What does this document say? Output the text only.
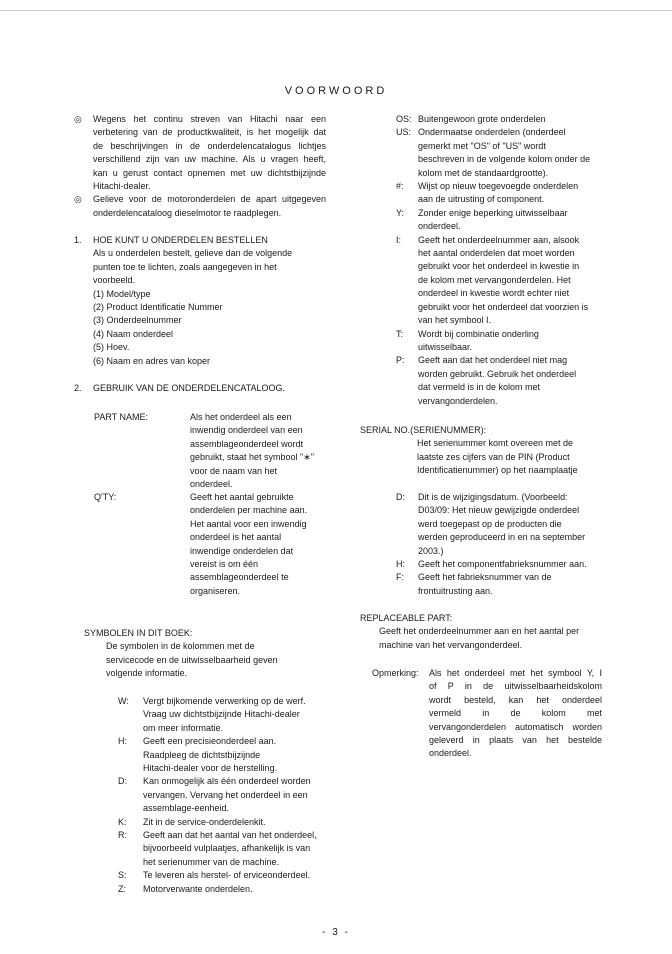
VOORWOORD
◎ Wegens het continu streven van Hitachi naar een
verbetering van de productkwaliteit, is het mogelijk dat
de beschrijvingen in de onderdelencatalogus lichtjes
verschillend zijn van uw machine. Als u vragen heeft,
kan u gerust contact opnemen met uw dichtstbijzijnde
Hitachi-dealer.
◎ Gelieve voor de motoronderdelen de apart uitgegeven
onderdelencataloog dieselmotor te raadplegen.
1. HOE KUNT U ONDERDELEN BESTELLEN
Als u onderdelen bestelt, gelieve dan de volgende
punten toe te lichten, zoals aangegeven in het
voorbeeld.
(1) Model/type
(2) Product Identificatie Nummer
(3) Onderdeelnummer
(4) Naam onderdeel
(5) Hoev.
(6) Naam en adres van koper
2. GEBRUIK VAN DE ONDERDELENCATALOOG.
PART NAME:	Als het onderdeel als een
inwendig onderdeel van een
assemblageonderdeel wordt
gebruikt, staat het symbool "∗"
voor de naam van het
onderdeel.
Q'TY:	Geeft het aantal gebruikte
onderdelen per machine aan.
Het aantal voor een inwendig
onderdeel is het aantal
inwendige onderdelen dat
vereist is om één
assemblageonderdeel te
organiseren.
SYMBOLEN IN DIT BOEK:
De symbolen in de kolommen met de
servicecode en de uitwisselbaarheid geven
volgende informatie.
W: Vergt bijkomende verwerking op de werf.
Vraag uw dichtstbijzijnde Hitachi-dealer
om meer informatie.
H: Geeft een precisieonderdeel aan.
Raadpleeg de dichtstbijzijnde
Hitachi-dealer voor de herstelling.
D: Kan onmogelijk als één onderdeel worden
vervangen. Vervang het onderdeel in een
assemblage-eenheid.
K: Zit in de service-onderdelenkit.
R: Geeft aan dat het aantal van het onderdeel,
bijvoorbeeld vulplaatjes, afhankelijk is van
het serienummer van de machine.
S: Te leveren als herstel- of erviceonderdeel.
Z: Motorverwante onderdelen.
OS: Buitengewoon grote onderdelen
US: Ondermaatse onderdelen (onderdeel
gemerkt met "OS" of "US" wordt
beschreven in de volgende kolom onder de
kolom met de standaardgrootte).
#: Wijst op nieuw toegevoegde onderdelen
aan de uitrusting of component.
Y: Zonder enige beperking uitwisselbaar
onderdeel.
I: Geeft het onderdeelnummer aan, alsook
het aantal onderdelen dat moet worden
gebruikt voor het onderdeel in kwestie in
de kolom met vervangonderdelen. Het
onderdeel in kwestie wordt echter niet
gebruikt voor het onderdeel dat voorzien is
van het symbool I.
T: Wordt bij combinatie onderling
uitwisselbaar.
P: Geeft aan dat het onderdeel niet mag
worden gebruikt. Gebruik het onderdeel
dat vermeld is in de kolom met
vervangonderdelen.
SERIAL NO.(SERIENUMMER):
Het serienummer komt overeen met de
laatste zes cijfers van de PIN (Product
Identificatienummer) op het naamplaatje
D: Dit is de wijzigingsdatum. (Voorbeeld:
D03/09: Het nieuw gewijzigde onderdeel
werd toegepast op de producten die
werden geproduceerd in en na september
2003.)
H: Geeft het componentfabrieksnummer aan.
F: Geeft het fabrieksnummer van de
frontuitrusting aan.
REPLACEABLE PART:
Geeft het onderdeelnummer aan en het aantal per
machine van het vervangonderdeel.
Opmerking: Als het onderdeel met het symbool Y, I
of P in de uitwisselbaarheidskolom
wordt besteld, kan het onderdeel
vermeld in de kolom met
vervangonderdelen automatisch worden
geleverd in plaats van het bestelde
onderdeel.
- 3 -
